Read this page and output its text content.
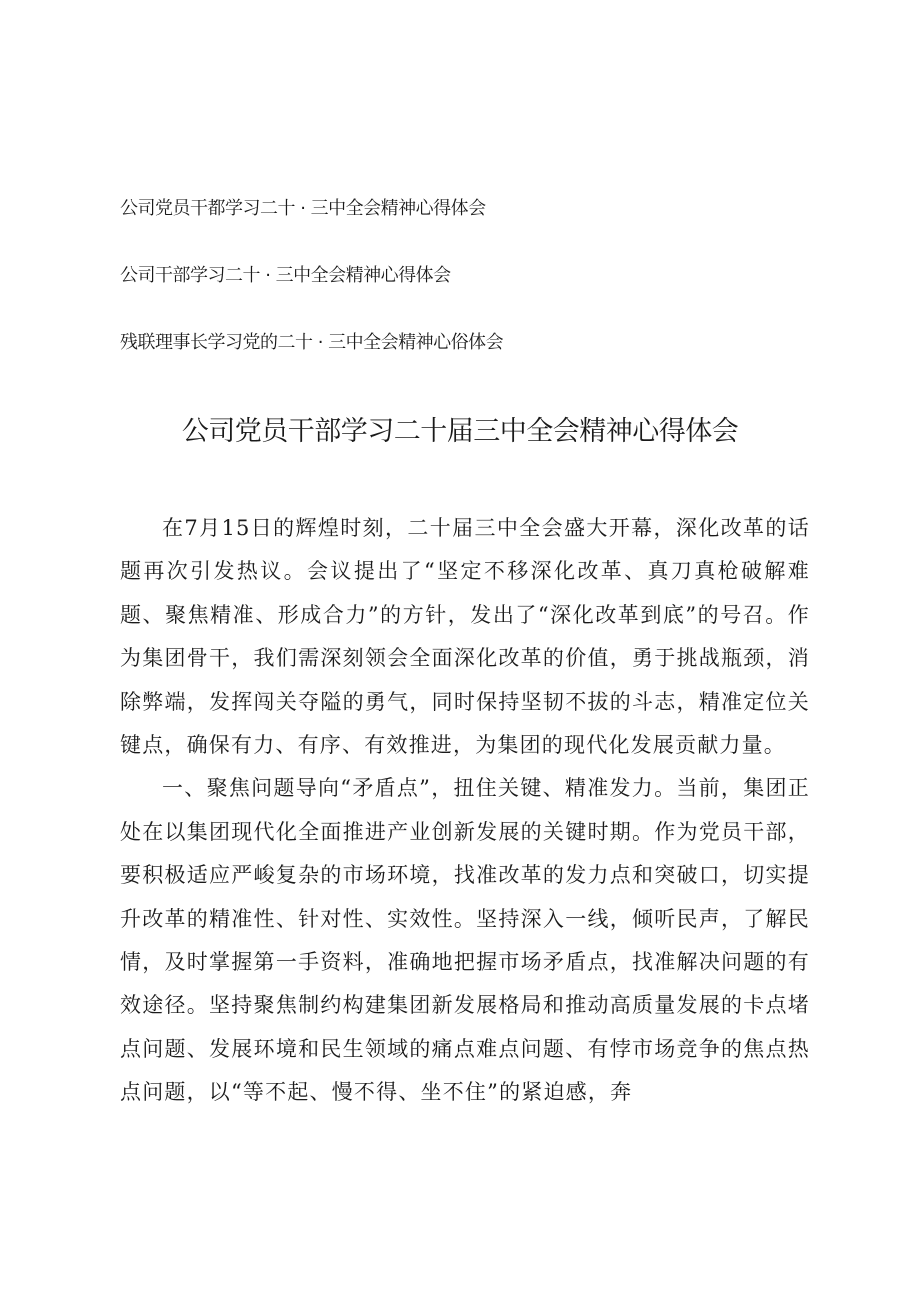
公司党员干都学习二十 · 三中全会精神心得体会
公司干部学习二十 · 三中全会精神心得体会
残联理事长学习党的二十 · 三中全会精神心俗体会
公司党员干部学习二十届三中全会精神心得体会

在7月15日的辉煌时刻，二十届三中全会盛大开幕，深化改革的话题再次引发热议。会议提出了“坚定不移深化改革、真刀真枪破解难题、聚焦精准、形成合力”的方针，发出了“深化改革到底”的号召。作为集团骨干，我们需深刻领会全面深化改革的价值，勇于挑战瓶颈，消除弊端，发挥闯关夺隘的勇气，同时保持坚韧不拔的斗志，精准定位关键点，确保有力、有序、有效推进，为集团的现代化发展贡献力量。

一、聚焦问题导向“矛盾点”，扭住关键、精准发力。当前，集团正处在以集团现代化全面推进产业创新发展的关键时期。作为党员干部，要积极适应严峻复杂的市场环境，找准改革的发力点和突破口，切实提升改革的精准性、针对性、实效性。坚持深入一线，倾听民声，了解民情，及时掌握第一手资料，准确地把握市场矛盾点，找准解决问题的有效途径。坚持聚焦制约构建集团新发展格局和推动高质量发展的卡点堵点问题、发展环境和民生领域的痛点难点问题、有悖市场竞争的焦点热点问题，以“等不起、慢不得、坐不住”的紧迫感，奔
